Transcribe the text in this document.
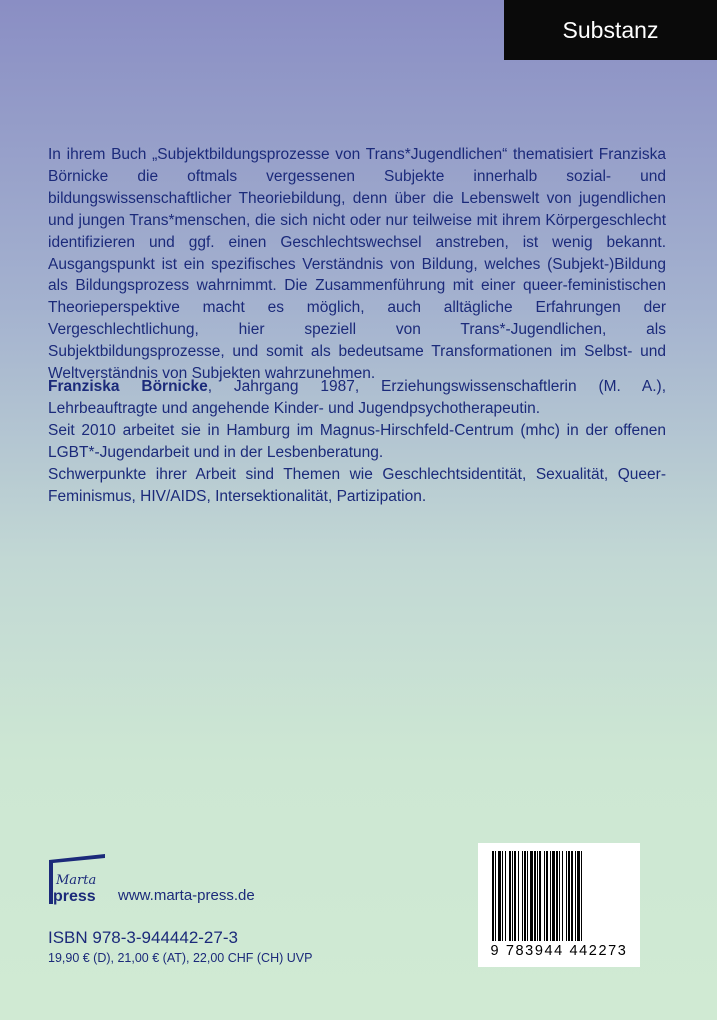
Substanz

In ihrem Buch „Subjektbildungsprozesse von Trans*Jugendlichen“ thematisiert Franziska Börnicke die oftmals vergessenen Subjekte innerhalb sozial- und bildungswissenschaftlicher Theoriebildung, denn über die Lebenswelt von jugendlichen und jungen Trans*menschen, die sich nicht oder nur teilweise mit ihrem Körpergeschlecht identifizieren und ggf. einen Geschlechtswechsel anstreben, ist wenig bekannt. Ausgangspunkt ist ein spezifisches Verständnis von Bildung, welches (Subjekt-)Bildung als Bildungsprozess wahrnimmt. Die Zusammenführung mit einer queer-feministischen Theorieperspektive macht es möglich, auch alltägliche Erfahrungen der Vergeschlechtlichung, hier speziell von Trans*-Jugendlichen, als Subjektbildungsprozesse, und somit als bedeutsame Transformationen im Selbst- und Weltverständnis von Subjekten wahrzunehmen.

Franziska Börnicke, Jahrgang 1987, Erziehungswissenschaftlerin (M. A.), Lehrbeauftragte und angehende Kinder- und Jugendpsychotherapeutin.

Seit 2010 arbeitet sie in Hamburg im Magnus-Hirschfeld-Centrum (mhc) in der offenen LGBT*-Jugendarbeit und in der Lesbenberatung.

Schwerpunkte ihrer Arbeit sind Themen wie Geschlechtsidentität, Sexualität, Queer-Feminismus, HIV/AIDS, Intersektionalität, Partizipation.

Marta
press www.marta-press.de
ISBN 978-3-944442-27-3
19,90 € (D), 21,00 € (AT), 22,00 CHF (CH) UVP	9 783944 442273
